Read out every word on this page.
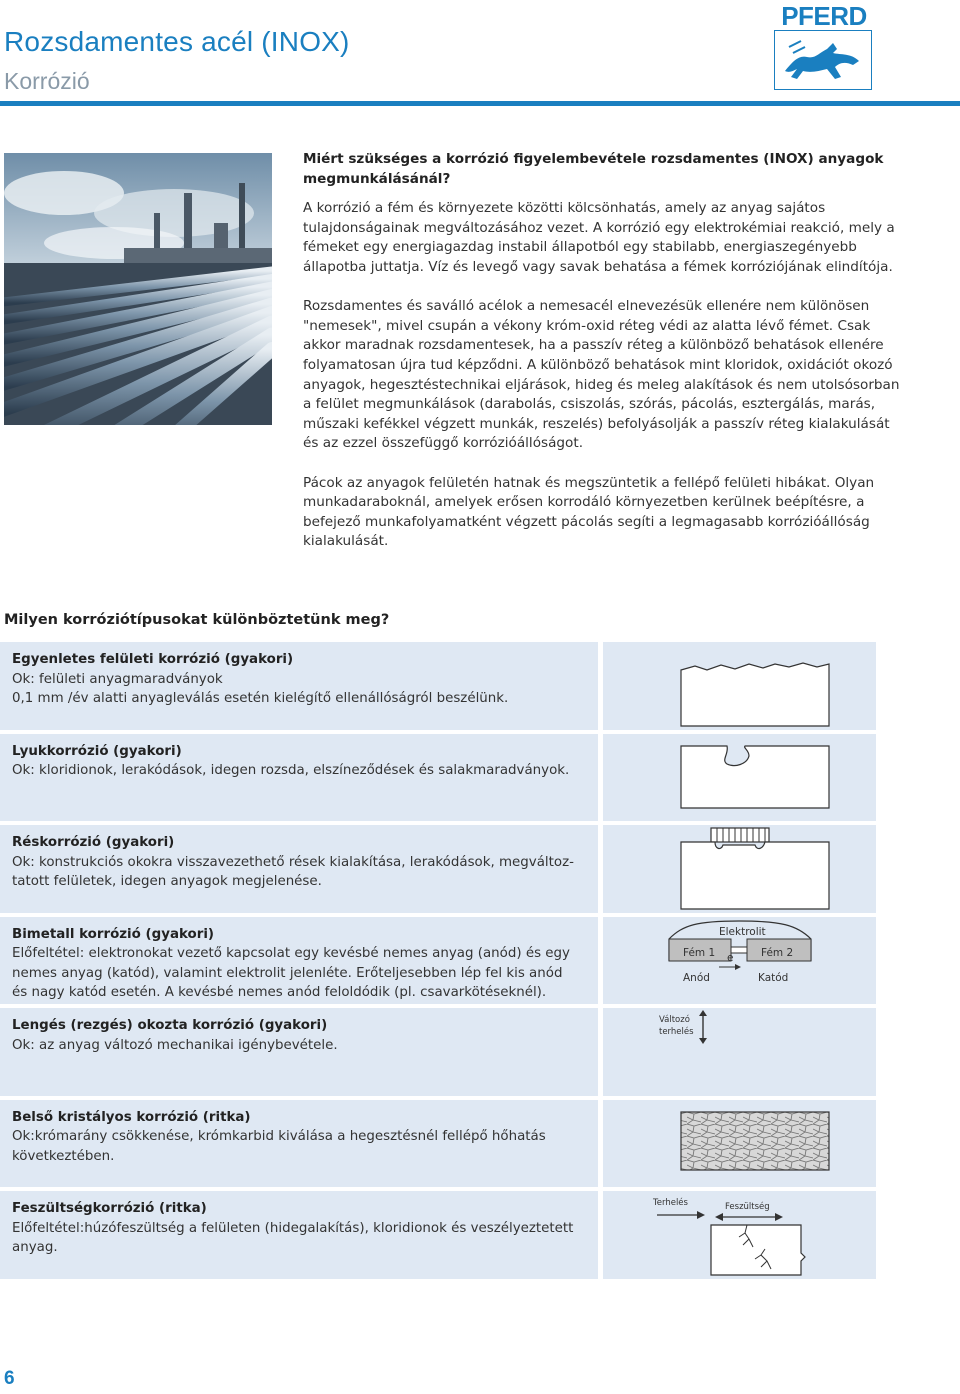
Rozsdamentes acél (INOX)
Korrózió
PFERD

Miért szükséges a korrózió figyelembevétele rozsdamentes (INOX) anyagok megmunkálásánál?

A korrózió a fém és környezete közötti kölcsönhatás, amely az anyag sajátos tulajdonságainak megváltozásához vezet. A korrózió egy elektrokémiai reakció, mely a fémeket egy energiagazdag instabil állapotból egy stabilabb, energiaszegényebb állapotba juttatja. Víz és levegő vagy savak behatása a fémek korróziójának elindítója.

Rozsdamentes és saválló acélok a nemesacél elnevezésük ellenére nem különösen "nemesek", mivel csupán a vékony króm-oxid réteg védi az alatta lévő fémet. Csak akkor maradnak rozsdamentesek, ha a passzív réteg a különböző behatások ellenére folyamatosan újra tud képződni. A különböző behatások mint kloridok, oxidációt okozó anyagok, hegesztéstechnikai eljárások, hideg és meleg alakítások és nem utolsósorban a felület megmunkálások (darabolás, csiszolás, szórás, pácolás, esztergálás, marás, műszaki kefékkel végzett munkák, reszelés) befolyásolják a passzív réteg kialakulását és az ezzel összefüggő korrózióállóságot.

Pácok az anyagok felületén hatnak és megszüntetik a fellépő felületi hibákat. Olyan munkadaraboknál, amelyek erősen korrodáló környezetben kerülnek beépítésre, a befejező munkafolyamatként végzett pácolás segíti a legmagasabb korrózióállóság kialakulását.

Milyen korróziótípusokat különböztetünk meg?
Egyenletes felületi korrózió (gyakori)
Ok: felületi anyagmaradványok
0,1 mm /év alatti anyagleválás esetén kielégítő ellenállóságról beszélünk.
Lyukkorrózió (gyakori)
Ok: kloridionok, lerakódások, idegen rozsda, elszíneződések és salakmaradványok.
Réskorrózió (gyakori)
Ok: konstrukciós okokra visszavezethető rések kialakítása, lerakódások, megváltoz-
tatott felületek, idegen anyagok megjelenése.
Bimetall korrózió (gyakori)
Előfeltétel: elektronokat vezető kapcsolat egy kevésbé nemes anyag (anód) és egy
nemes anyag (katód), valamint elektrolit jelenléte. Erőteljesebben lép fel kis anód
és nagy katód esetén. A kevésbé nemes anód feloldódik (pl. csavarkötéseknél).
Elektrolit
Fém 1	Fém 2
e
Anód	Katód
Lengés (rezgés) okozta korrózió (gyakori)
Ok: az anyag változó mechanikai igénybevétele.
Változó
terhelés
Belső kristályos korrózió (ritka)
Ok:krómarány csökkenése, krómkarbid kiválása a hegesztésnél fellépő hőhatás
következtében.
Feszültségkorrózió (ritka)
Előfeltétel:húzófeszültség a felületen (hidegalakítás), kloridionok és veszélyeztetett
anyag.
Terhelés	Feszültség
6
